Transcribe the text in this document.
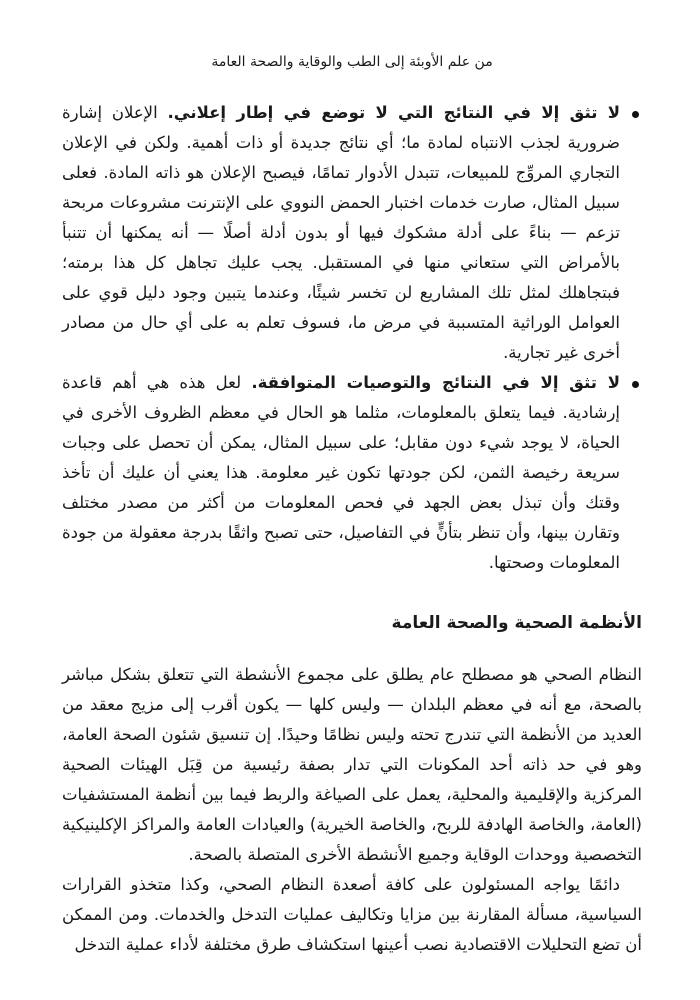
من علم الأوبئة إلى الطب والوقاية والصحة العامة
لا تثق إلا في النتائج التي لا توضع في إطار إعلاني. الإعلان إشارة ضرورية لجذب الانتباه لمادة ما؛ أي نتائج جديدة أو ذات أهمية. ولكن في الإعلان التجاري المروِّج للمبيعات، تتبدل الأدوار تمامًا، فيصبح الإعلان هو ذاته المادة. فعلى سبيل المثال، صارت خدمات اختبار الحمض النووي على الإنترنت مشروعات مربحة تزعم — بناءً على أدلة مشكوك فيها أو بدون أدلة أصلًا — أنه يمكنها أن تتنبأ بالأمراض التي ستعاني منها في المستقبل. يجب عليك تجاهل كل هذا برمته؛ فبتجاهلك لمثل تلك المشاريع لن تخسر شيئًا، وعندما يتبين وجود دليل قوي على العوامل الوراثية المتسببة في مرض ما، فسوف تعلم به على أي حال من مصادر أخرى غير تجارية.
لا تثق إلا في النتائج والتوصيات المتوافقة. لعل هذه هي أهم قاعدة إرشادية. فيما يتعلق بالمعلومات، مثلما هو الحال في معظم الظروف الأخرى في الحياة، لا يوجد شيء دون مقابل؛ على سبيل المثال، يمكن أن تحصل على وجبات سريعة رخيصة الثمن، لكن جودتها تكون غير معلومة. هذا يعني أن عليك أن تأخذ وقتك وأن تبذل بعض الجهد في فحص المعلومات من أكثر من مصدر مختلف وتقارن بينها، وأن تنظر بتأنٍّ في التفاصيل، حتى تصبح واثقًا بدرجة معقولة من جودة المعلومات وصحتها.
الأنظمة الصحية والصحة العامة

النظام الصحي هو مصطلح عام يطلق على مجموع الأنشطة التي تتعلق بشكل مباشر بالصحة، مع أنه في معظم البلدان — وليس كلها — يكون أقرب إلى مزيج معقد من العديد من الأنظمة التي تندرج تحته وليس نظامًا وحيدًا. إن تنسيق شئون الصحة العامة، وهو في حد ذاته أحد المكونات التي تدار بصفة رئيسية من قِبَل الهيئات الصحية المركزية والإقليمية والمحلية، يعمل على الصياغة والربط فيما بين أنظمة المستشفيات (العامة، والخاصة الهادفة للربح، والخاصة الخيرية) والعيادات العامة والمراكز الإكلينيكية التخصصية ووحدات الوقاية وجميع الأنشطة الأخرى المتصلة بالصحة.

دائمًا يواجه المسئولون على كافة أصعدة النظام الصحي، وكذا متخذو القرارات السياسية، مسألة المقارنة بين مزايا وتكاليف عمليات التدخل والخدمات. ومن الممكن أن تضع التحليلات الاقتصادية نصب أعينها استكشاف طرق مختلفة لأداء عملية التدخل
